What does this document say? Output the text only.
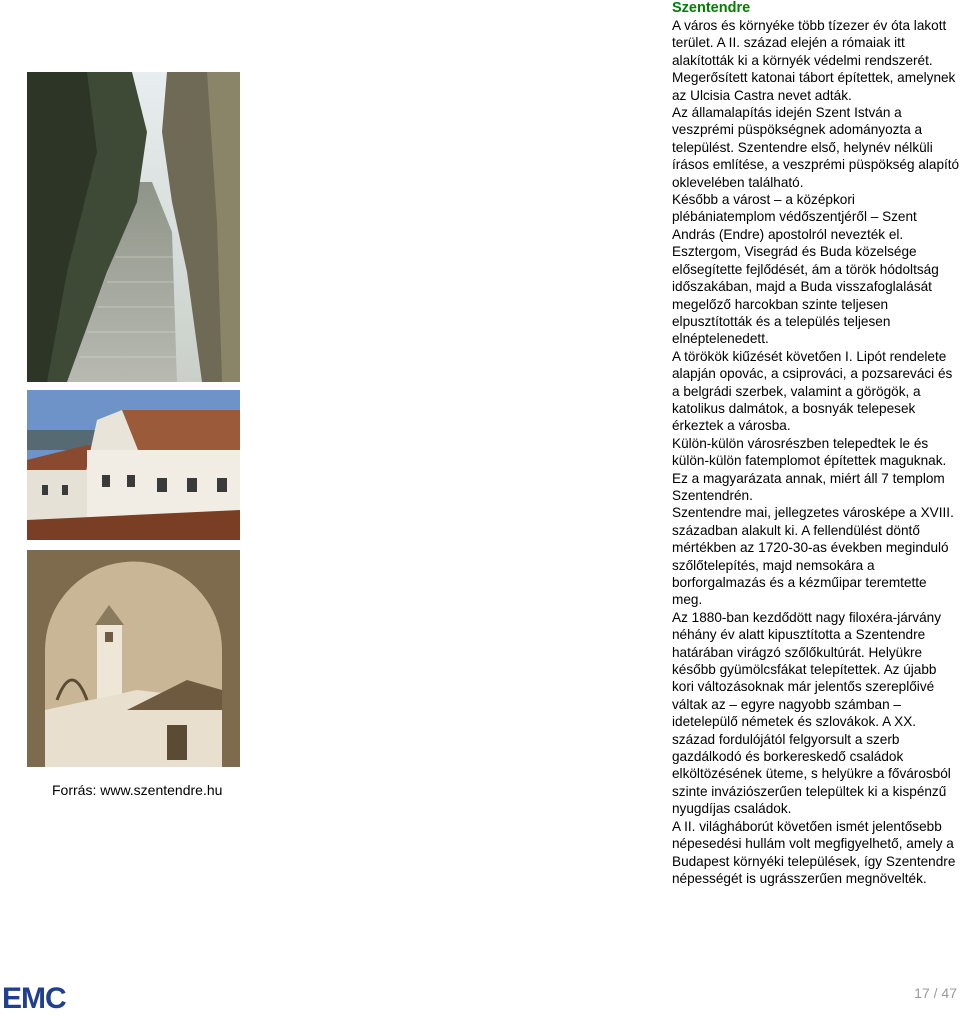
Forrás: www.szentendre.hu
Szentendre

A város és környéke több tízezer év óta lakott terület. A II. század elején a rómaiak itt alakították ki a környék védelmi rendszerét. Megerősített katonai tábort építettek, amelynek az Ulcisia Castra nevet adták.

Az államalapítás idején Szent István a veszprémi püspökségnek adományozta a települést. Szentendre első, helynév nélküli írásos említése, a veszprémi püspökség alapító oklevelében található.

Később a várost – a középkori plébániatemplom védőszentjéről – Szent András (Endre) apostolról nevezték el.

Esztergom, Visegrád és Buda közelsége elősegítette fejlődését, ám a török hódoltság időszakában, majd a Buda visszafoglalását megelőző harcokban szinte teljesen elpusztították és a település teljesen elnéptelenedett.

A törökök kiűzését követően I. Lipót rendelete alapján opovác, a csiprováci, a pozsareváci és a belgrádi szerbek, valamint a görögök, a katolikus dalmátok, a bosnyák telepesek érkeztek a városba.

Külön-külön városrészben telepedtek le és külön-külön fatemplomot építettek maguknak. Ez a magyarázata annak, miért áll 7 templom Szentendrén.

Szentendre mai, jellegzetes városképe a XVIII. században alakult ki. A fellendülést döntő mértékben az 1720-30-as években meginduló szőlőtelepítés, majd nemsokára a borforgalmazás és a kézműipar teremtette meg.

Az 1880-ban kezdődött nagy filoxéra-járvány néhány év alatt kipusztította a Szentendre határában virágzó szőlőkultúrát. Helyükre később gyümölcsfákat telepítettek. Az újabb kori változásoknak már jelentős szereplőivé váltak az – egyre nagyobb számban – idetelepülő németek és szlovákok. A XX. század fordulójától felgyorsult a szerb gazdálkodó és borkereskedő családok elköltözésének üteme, s helyükre a fővárosból szinte inváziószerűen települtek ki a kispénzű nyugdíjas családok.

A II. világháborút követően ismét jelentősebb népesedési hullám volt megfigyelhető, amely a Budapest környéki települések, így Szentendre népességét is ugrásszerűen megnövelték.

EMC	17 / 47
